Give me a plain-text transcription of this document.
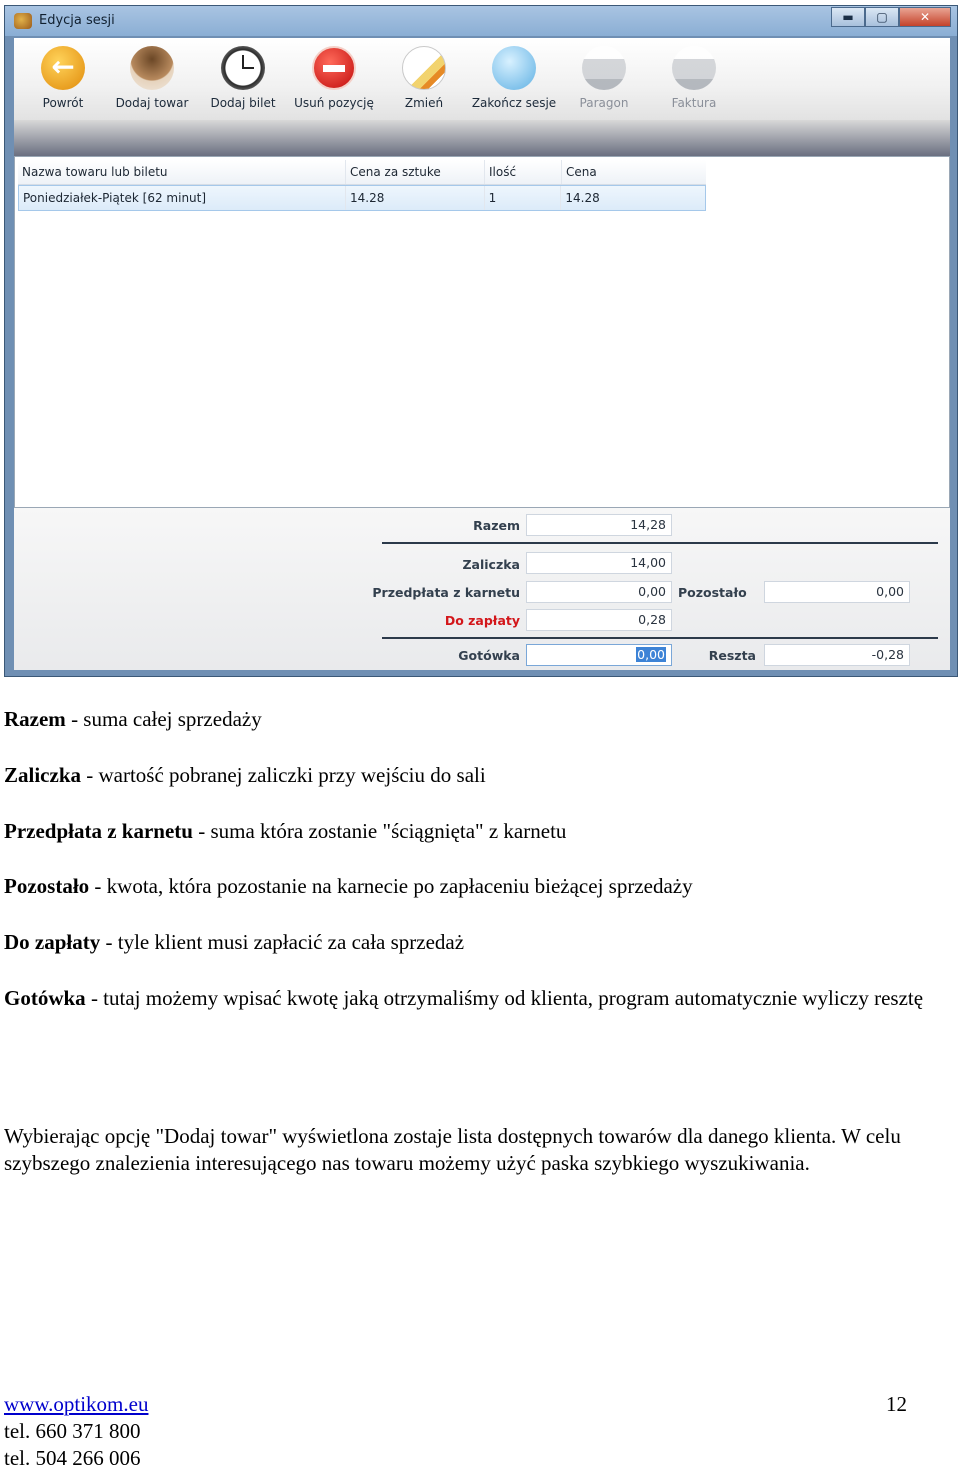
Edycja sesji	▬	▢	✕
←
Powrót	Dodaj towar	Dodaj bilet	Usuń pozycję	Zmień	Zakończ sesje	Paragon	Faktura
Nazwa towaru lub biletu	Cena za sztuke	Ilość	Cena
Poniedziałek-Piątek [62 minut]	14.28	1	14.28
Razem	14,28
Zaliczka	14,00
Przedpłata z karnetu	0,00 Pozostało	0,00
Do zapłaty	0,28
Gotówka	0,00	Reszta	-0,28
Razem - suma całej sprzedaży
Zaliczka - wartość pobranej zaliczki przy wejściu do sali
Przedpłata z karnetu - suma która zostanie "ściągnięta" z karnetu
Pozostało - kwota, która pozostanie na karnecie po zapłaceniu bieżącej sprzedaży
Do zapłaty - tyle klient musi zapłacić za cała sprzedaż
Gotówka - tutaj możemy wpisać kwotę jaką otrzymaliśmy od klienta, program automatycznie wyliczy resztę
Wybierając opcję "Dodaj towar" wyświetlona zostaje lista dostępnych towarów dla danego klienta. W celu szybszego znalezienia interesującego nas towaru możemy użyć paska szybkiego wyszukiwania.
www.optikom.eu	12
tel. 660 371 800
tel. 504 266 006
